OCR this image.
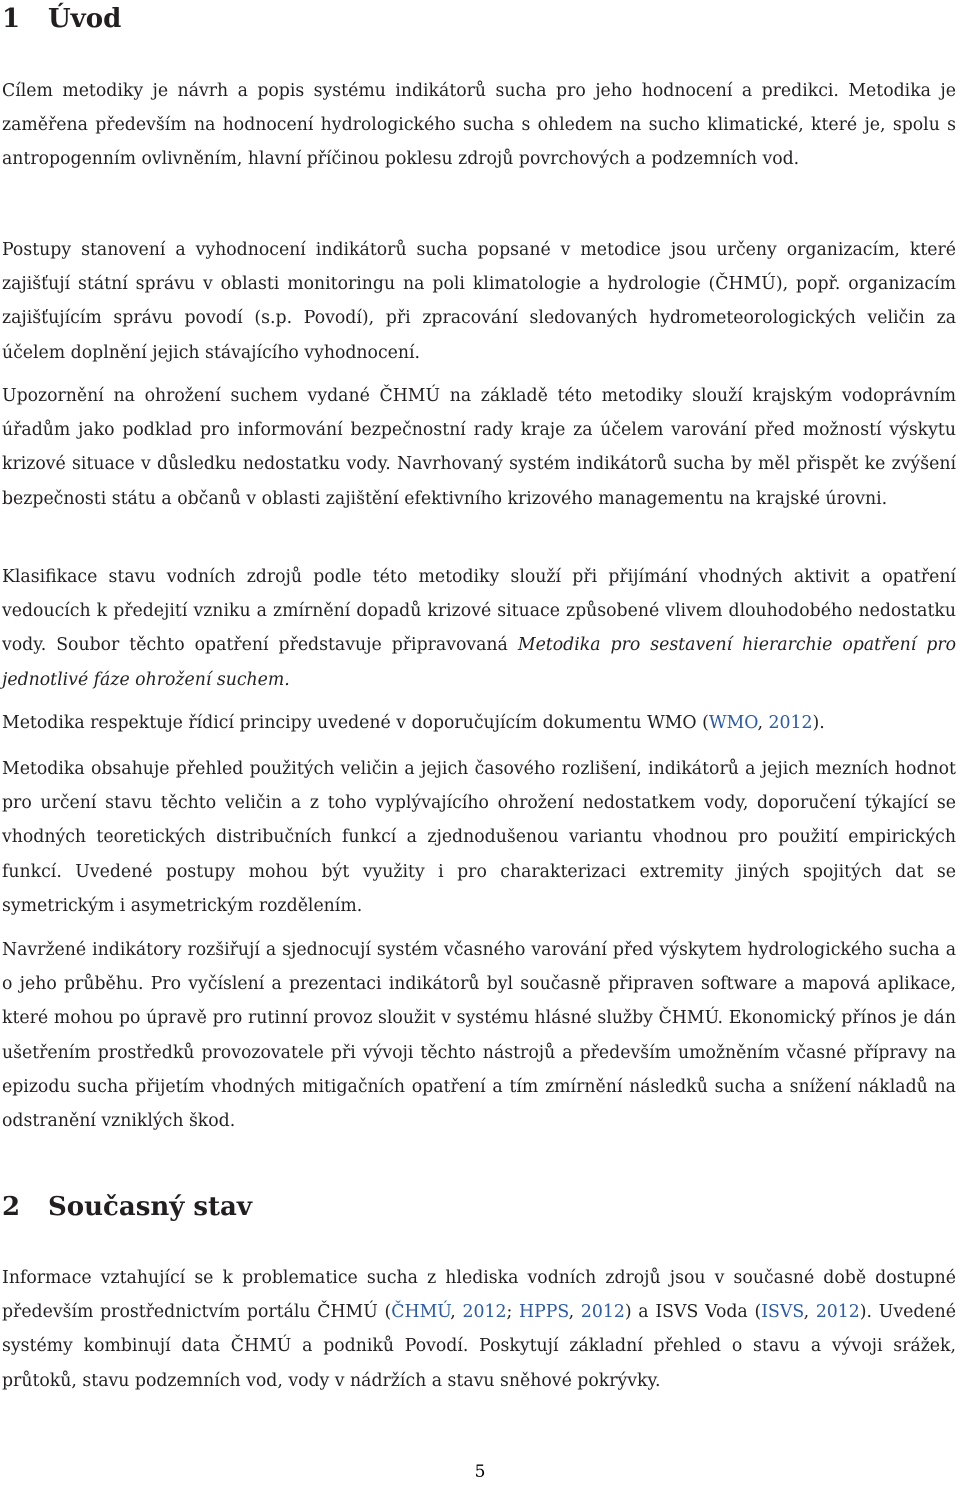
1	Úvod

Cílem metodiky je návrh a popis systému indikátorů sucha pro jeho hodnocení a predikci. Metodika je zaměřena především na hodnocení hydrologického sucha s ohledem na sucho klimatické, které je, spolu s antropogenním ovlivněním, hlavní příčinou poklesu zdrojů povrchových a podzemních vod.

Postupy stanovení a vyhodnocení indikátorů sucha popsané v metodice jsou určeny organizacím, které zajišťují státní správu v oblasti monitoringu na poli klimatologie a hydrologie (ČHMÚ), popř. organizacím zajišťujícím správu povodí (s.p. Povodí), při zpracování sledovaných hydrometeorologických veličin za účelem doplnění jejich stávajícího vyhodnocení.

Upozornění na ohrožení suchem vydané ČHMÚ na základě této metodiky slouží krajským vodoprávním úřadům jako podklad pro informování bezpečnostní rady kraje za účelem varování před možností výskytu krizové situace v důsledku nedostatku vody. Navrhovaný systém indikátorů sucha by měl přispět ke zvýšení bezpečnosti státu a občanů v oblasti zajištění efektivního krizového managementu na krajské úrovni.

Klasifikace stavu vodních zdrojů podle této metodiky slouží při přijímání vhodných aktivit a opatření vedoucích k předejití vzniku a zmírnění dopadů krizové situace způsobené vlivem dlouhodobého nedostatku vody. Soubor těchto opatření představuje připravovaná Metodika pro sestavení hierarchie opatření pro jednotlivé fáze ohrožení suchem.

Metodika respektuje řídicí principy uvedené v doporučujícím dokumentu WMO (WMO, 2012).

Metodika obsahuje přehled použitých veličin a jejich časového rozlišení, indikátorů a jejich mezních hodnot pro určení stavu těchto veličin a z toho vyplývajícího ohrožení nedostatkem vody, doporučení týkající se vhodných teoretických distribučních funkcí a zjednodušenou variantu vhodnou pro použití empirických funkcí. Uvedené postupy mohou být využity i pro charakterizaci extremity jiných spojitých dat se symetrickým i asymetrickým rozdělením.

Navržené indikátory rozšiřují a sjednocují systém včasného varování před výskytem hydrologického sucha a o jeho průběhu. Pro vyčíslení a prezentaci indikátorů byl současně připraven software a mapová aplikace, které mohou po úpravě pro rutinní provoz sloužit v systému hlásné služby ČHMÚ. Ekonomický přínos je dán ušetřením prostředků provozovatele při vývoji těchto nástrojů a především umožněním včasné přípravy na epizodu sucha přijetím vhodných mitigačních opatření a tím zmírnění následků sucha a snížení nákladů na odstranění vzniklých škod.

2	Současný stav

Informace vztahující se k problematice sucha z hlediska vodních zdrojů jsou v současné době dostupné především prostřednictvím portálu ČHMÚ (ČHMÚ, 2012; HPPS, 2012) a ISVS Voda (ISVS, 2012). Uvedené systémy kombinují data ČHMÚ a podniků Povodí. Poskytují základní přehled o stavu a vývoji srážek, průtoků, stavu podzemních vod, vody v nádržích a stavu sněhové pokrývky.

5
